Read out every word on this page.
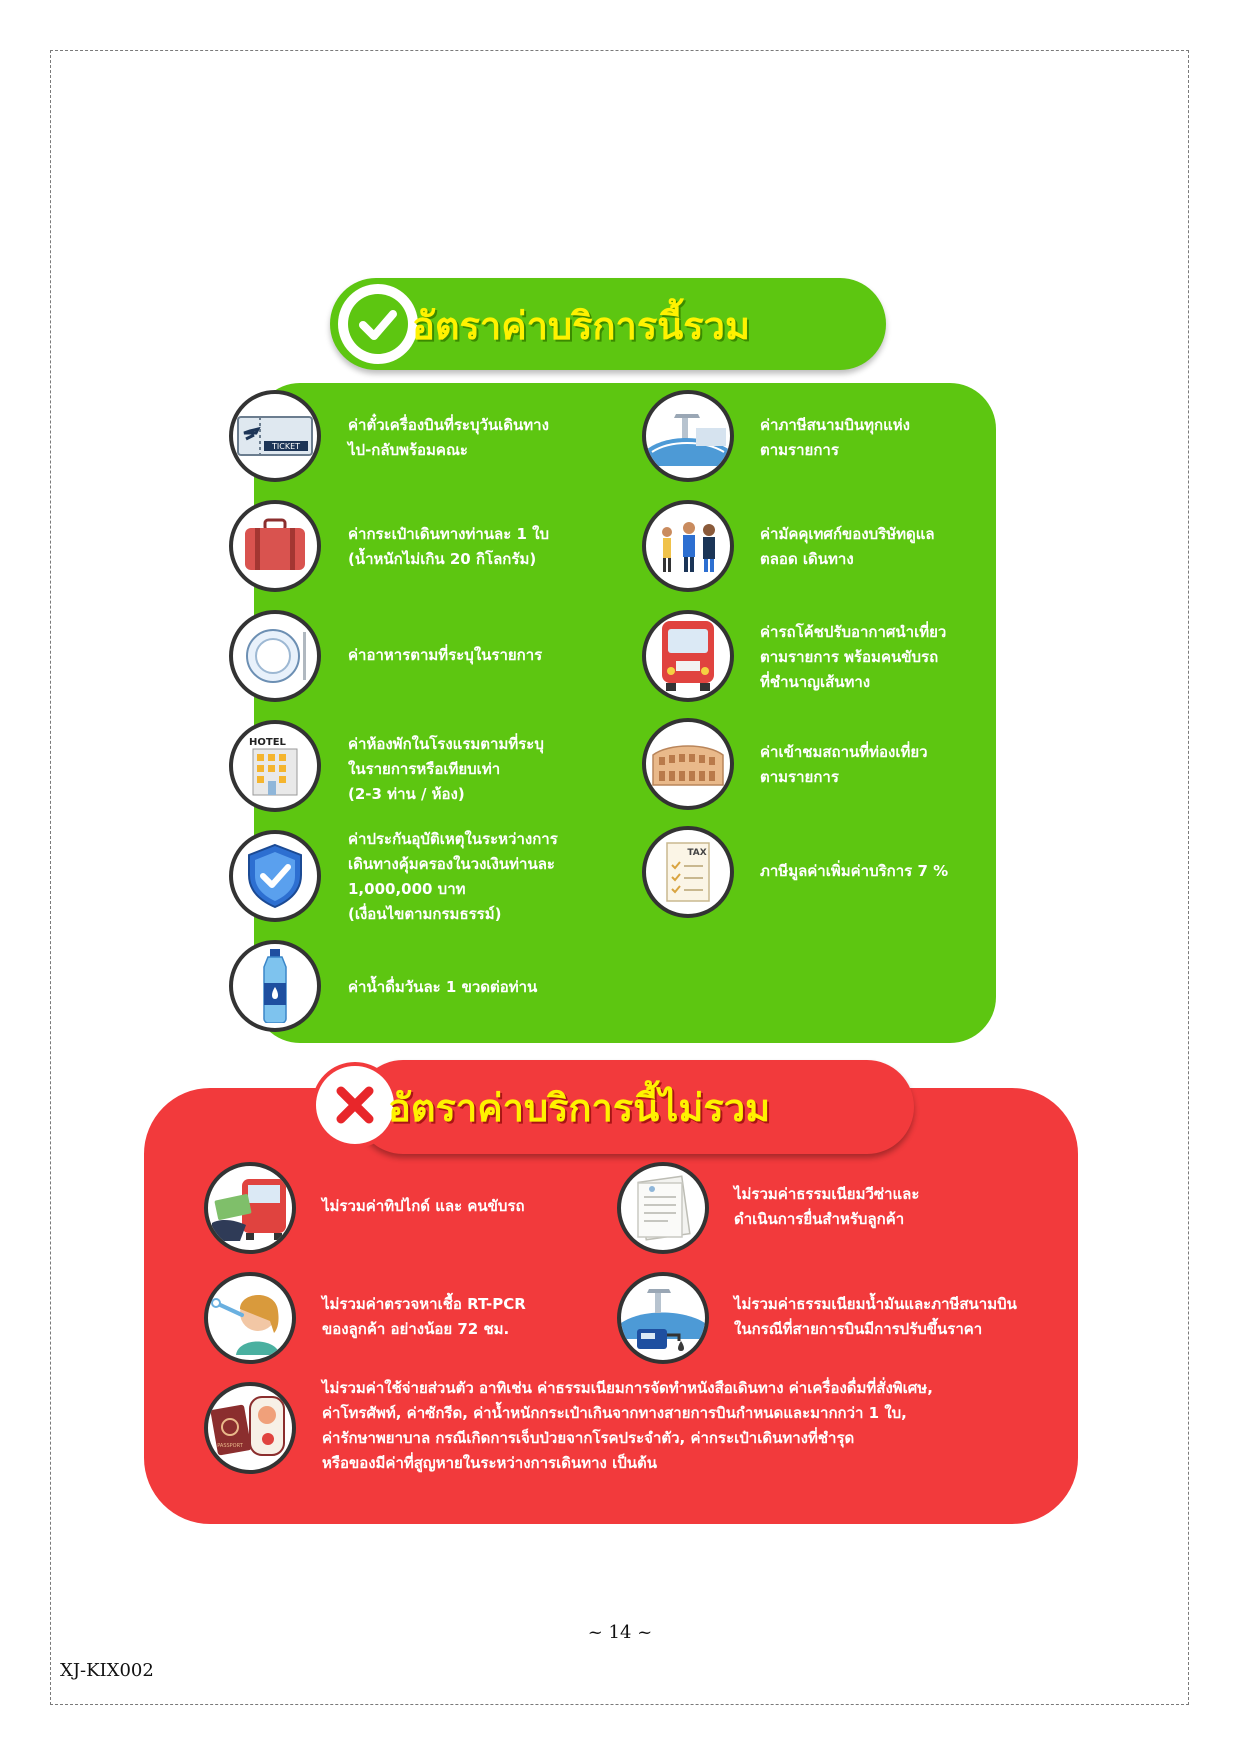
อัตราค่าบริการนี้รวม
TICKET
ค่าตั๋วเครื่องบินที่ระบุวันเดินทาง
ไป-กลับพร้อมคณะ
ค่ากระเป๋าเดินทางท่านละ 1 ใบ
(น้ำหนักไม่เกิน 20 กิโลกรัม)
ค่าอาหารตามที่ระบุในรายการ
HOTEL	ค่าห้องพักในโรงแรมตามที่ระบุ
ในรายการหรือเทียบเท่า
(2-3 ท่าน / ห้อง)
ค่าประกันอุบัติเหตุในระหว่างการ
เดินทางคุ้มครองในวงเงินท่านละ
1,000,000 บาท
(เงื่อนไขตามกรมธรรม์)
ค่าน้ำดื่มวันละ 1 ขวดต่อท่าน
ค่าภาษีสนามบินทุกแห่ง
ตามรายการ
ค่ามัคคุเทศก์ของบริษัทดูแล
ตลอด เดินทาง
ค่ารถโค้ชปรับอากาศนำเที่ยว
ตามรายการ พร้อมคนขับรถ
ที่ชำนาญเส้นทาง
ค่าเข้าชมสถานที่ท่องเที่ยว
ตามรายการ
TAX
ภาษีมูลค่าเพิ่มค่าบริการ 7 %
อัตราค่าบริการนี้ไม่รวม
ไม่รวมค่าทิปไกด์ และ คนขับรถ
ไม่รวมค่าธรรมเนียมวีซ่าและ
ดำเนินการยื่นสำหรับลูกค้า
ไม่รวมค่าตรวจหาเชื้อ RT-PCR
ของลูกค้า อย่างน้อย 72 ชม.
ไม่รวมค่าธรรมเนียมน้ำมันและภาษีสนามบิน
ในกรณีที่สายการบินมีการปรับขึ้นราคา
PASSPORT
ไม่รวมค่าใช้จ่ายส่วนตัว อาทิเช่น ค่าธรรมเนียมการจัดทำหนังสือเดินทาง ค่าเครื่องดื่มที่สั่งพิเศษ,
ค่าโทรศัพท์, ค่าซักรีด, ค่าน้ำหนักกระเป๋าเกินจากทางสายการบินกำหนดและมากกว่า 1 ใบ,
ค่ารักษาพยาบาล กรณีเกิดการเจ็บป่วยจากโรคประจำตัว, ค่ากระเป๋าเดินทางที่ชำรุด
หรือของมีค่าที่สูญหายในระหว่างการเดินทาง เป็นต้น
~ 14 ~
XJ-KIX002
